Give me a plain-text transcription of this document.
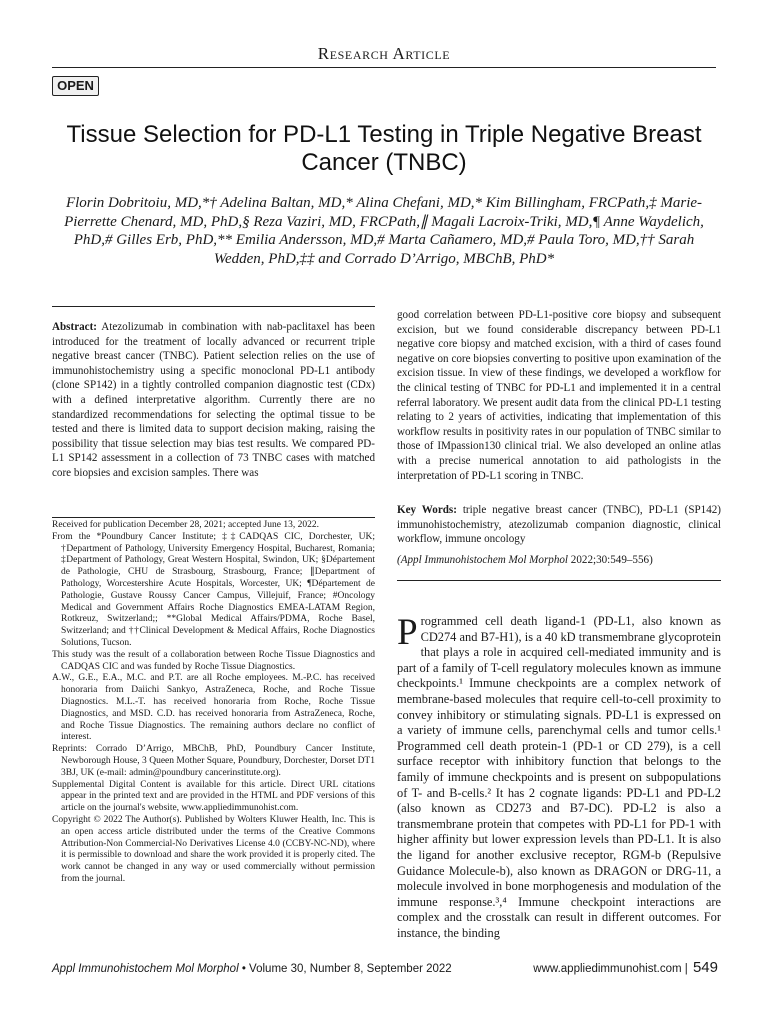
Research Article
OPEN
Tissue Selection for PD-L1 Testing in Triple Negative Breast Cancer (TNBC)
Florin Dobritoiu, MD,*† Adelina Baltan, MD,* Alina Chefani, MD,* Kim Billingham, FRCPath,‡ Marie-Pierrette Chenard, MD, PhD,§ Reza Vaziri, MD, FRCPath,∥ Magali Lacroix-Triki, MD,¶ Anne Waydelich, PhD,# Gilles Erb, PhD,** Emilia Andersson, MD,# Marta Cañamero, MD,# Paula Toro, MD,†† Sarah Wedden, PhD,‡‡ and Corrado D’Arrigo, MBChB, PhD*

Abstract: Atezolizumab in combination with nab-paclitaxel has been introduced for the treatment of locally advanced or recurrent triple negative breast cancer (TNBC). Patient selection relies on the use of immunohistochemistry using a specific monoclonal PD-L1 antibody (clone SP142) in a tightly controlled companion diagnostic test (CDx) with a defined interpretative algorithm. Currently there are no standardized recommendations for selecting the optimal tissue to be tested and there is limited data to support decision making, raising the possibility that tissue selection may bias test results. We compared PD-L1 SP142 assessment in a collection of 73 TNBC cases with matched core biopsies and excision samples. There was

good correlation between PD-L1-positive core biopsy and subsequent excision, but we found considerable discrepancy between PD-L1 negative core biopsy and matched excision, with a third of cases found negative on core biopsies converting to positive upon examination of the excision tissue. In view of these findings, we developed a workflow for the clinical testing of TNBC for PD-L1 and implemented it in a central referral laboratory. We present audit data from the clinical PD-L1 testing relating to 2 years of activities, indicating that implementation of this workflow results in positivity rates in our population of TNBC similar to those of IMpassion130 clinical trial. We also developed an online atlas with a precise numerical annotation to aid pathologists in the interpretation of PD-L1 scoring in TNBC.
Key Words: triple negative breast cancer (TNBC), PD-L1 (SP142) immunohistochemistry, atezolizumab companion diagnostic, clinical workflow, immune oncology
(Appl Immunohistochem Mol Morphol 2022;30:549–556)

Received for publication December 28, 2021; accepted June 13, 2022.

From the *Poundbury Cancer Institute; ‡‡CADQAS CIC, Dorchester, UK; †Department of Pathology, University Emergency Hospital, Bucharest, Romania; ‡Department of Pathology, Great Western Hospital, Swindon, UK; §Département de Pathologie, CHU de Strasbourg, Strasbourg, France; ∥Department of Pathology, Worcestershire Acute Hospitals, Worcester, UK; ¶Département de Pathologie, Gustave Roussy Cancer Campus, Villejuif, France; #Oncology Medical and Government Affairs Roche Diagnostics EMEA-LATAM Region, Rotkreuz, Switzerland;; **Global Medical Affairs/PDMA, Roche Basel, Switzerland; and ††Clinical Development & Medical Affairs, Roche Diagnostics Solutions, Tucson.

This study was the result of a collaboration between Roche Tissue Diagnostics and CADQAS CIC and was funded by Roche Tissue Diagnostics.

A.W., G.E., E.A., M.C. and P.T. are all Roche employees. M.-P.C. has received honoraria from Daiichi Sankyo, AstraZeneca, Roche, and Roche Tissue Diagnostics. M.L.-T. has received honoraria from Roche, Roche Tissue Diagnostics, and MSD. C.D. has received honoraria from AstraZeneca, Roche, and Roche Tissue Diagnostics. The remaining authors declare no conflict of interest.

Reprints: Corrado D’Arrigo, MBChB, PhD, Poundbury Cancer Institute, Newborough House, 3 Queen Mother Square, Poundbury, Dorchester, Dorset DT1 3BJ, UK (e-mail: admin@poundbury cancerinstitute.org).

Supplemental Digital Content is available for this article. Direct URL citations appear in the printed text and are provided in the HTML and PDF versions of this article on the journal's website, www.appliedimmunohist.com.

Copyright © 2022 The Author(s). Published by Wolters Kluwer Health, Inc. This is an open access article distributed under the terms of the Creative Commons Attribution-Non Commercial-No Derivatives License 4.0 (CCBY-NC-ND), where it is permissible to download and share the work provided it is properly cited. The work cannot be changed in any way or used commercially without permission from the journal.

P rogrammed cell death ligand-1 (PD-L1, also known as CD274 and B7-H1), is a 40 kD transmembrane glycoprotein that plays a role in acquired cell-mediated immunity and is part of a family of T-cell regulatory molecules known as immune checkpoints.¹ Immune checkpoints are a complex network of membrane-based molecules that require cell-to-cell proximity to convey inhibitory or stimulating signals. PD-L1 is expressed on a variety of immune cells, parenchymal cells and tumor cells.¹ Programmed cell death protein-1 (PD-1 or CD 279), is a cell surface receptor with inhibitory function that belongs to the family of immune checkpoints and is present on subpopulations of T- and B-cells.² It has 2 cognate ligands: PD-L1 and PD-L2 (also known as CD273 and B7-DC). PD-L2 is also a transmembrane protein that competes with PD-L1 for PD-1 with higher affinity but lower expression levels than PD-L1. It is also the ligand for another exclusive receptor, RGM-b (Repulsive Guidance Molecule-b), also known as DRAGON or DRG-11, a molecule involved in bone morphogenesis and modulation of the immune response.³,⁴ Immune checkpoint interactions are complex and the crosstalk can result in different outcomes. For instance, the binding
Appl Immunohistochem Mol Morphol • Volume 30, Number 8, September 2022	www.appliedimmunohist.com | 549
